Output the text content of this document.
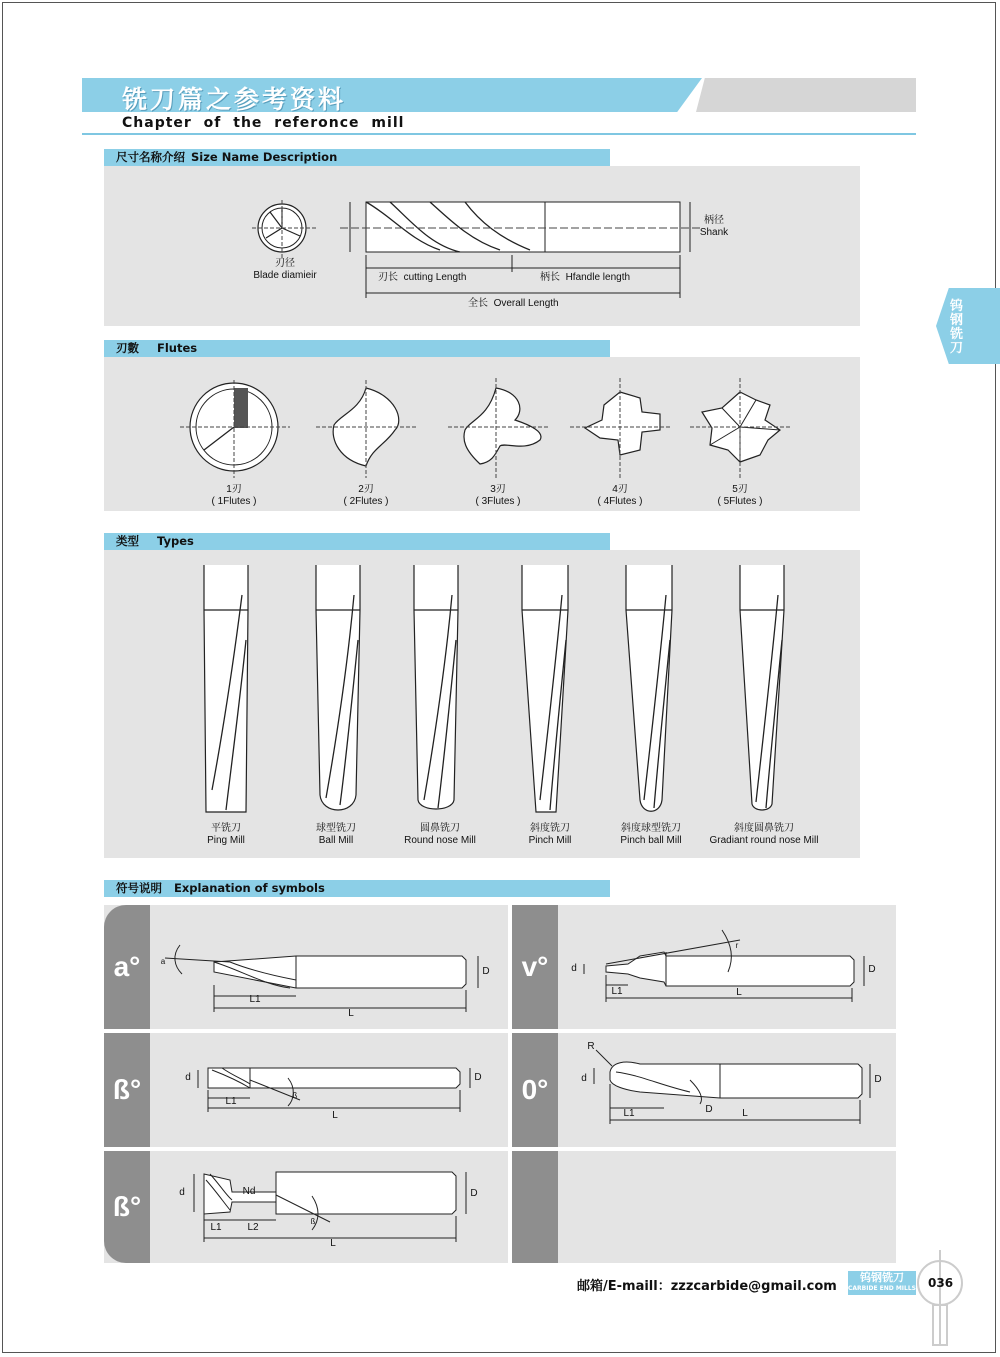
铣刀篇之参考资料
Chapter of the referonce mill
钨钢铣刀
尺寸名称介绍 Size Name Description
刃径
Blade diamieir
柄径
Shank
刃长 cutting Length	柄长 Hfandle length
全长 Overall Length
刃數 Flutes
1刃
( 1Flutes )
2刃
( 2Flutes )
3刃
( 3Flutes )
4刃
( 4Flutes )
5刃
( 5Flutes )
类型 Types
平铣刀
Ping Mill
球型铣刀
Ball Mill
圆鼻铣刀
Round nose Mill
斜度铣刀
Pinch Mill
斜度球型铣刀
Pinch ball Mill
斜度圆鼻铣刀
Gradiant round nose Mill
符号说明 Explanation of symbols
a°	v°
ß°	0°
ß°
a
D
L1
L
r
d	D
L1	L
ß
d	D
L1
L
R
d	D
D
L1	L
ß
d	Nd	D
L1	L2
L
邮箱/E-maill：zzzcarbide@gmail.com
钨钢铣刀
CARBIDE END MILLS 036
